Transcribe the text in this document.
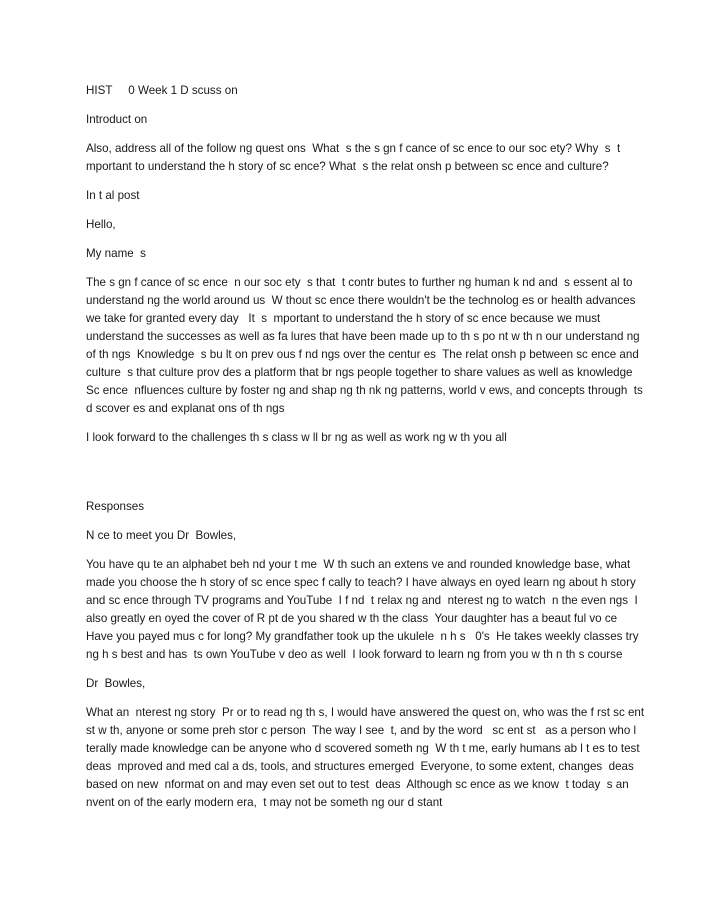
HIST     0 Week 1 D scuss on

Introduct on

Also, address all of the follow ng quest ons  What  s the s gn f cance of sc ence to our soc ety? Why  s  t  mportant to understand the h story of sc ence? What  s the relat onsh p between sc ence and culture?

In t al post

Hello,

My name  s

The s gn f cance of sc ence  n our soc ety  s that  t contr butes to further ng human k nd and  s essent al to understand ng the world around us  W thout sc ence there wouldn't be the technolog es or health advances we take for granted every day   It  s  mportant to understand the h story of sc ence because we must understand the successes as well as fa lures that have been made up to th s po nt w th n our understand ng of th ngs  Knowledge  s bu lt on prev ous f nd ngs over the centur es  The relat onsh p between sc ence and culture  s that culture prov des a platform that br ngs people together to share values as well as knowledge  Sc ence  nfluences culture by foster ng and shap ng th nk ng patterns, world v ews, and concepts through  ts d scover es and explanat ons of th ngs

I look forward to the challenges th s class w ll br ng as well as work ng w th you all

Responses

N ce to meet you Dr  Bowles,

You have qu te an alphabet beh nd your t me  W th such an extens ve and rounded knowledge base, what made you choose the h story of sc ence spec f cally to teach? I have always en oyed learn ng about h story and sc ence through TV programs and YouTube  I f nd  t relax ng and  nterest ng to watch  n the even ngs  I also greatly en oyed the cover of R pt de you shared w th the class  Your daughter has a beaut ful vo ce  Have you payed mus c for long? My grandfather took up the ukulele  n h s   0's  He takes weekly classes try ng h s best and has  ts own YouTube v deo as well  I look forward to learn ng from you w th n th s course

Dr  Bowles,

What an  nterest ng story  Pr or to read ng th s, I would have answered the quest on, who was the f rst sc ent st w th, anyone or some preh stor c person  The way I see  t, and by the word   sc ent st   as a person who l terally made knowledge can be anyone who d scovered someth ng  W th t me, early humans ab l t es to test  deas  mproved and med cal a ds, tools, and structures emerged  Everyone, to some extent, changes  deas based on new  nformat on and may even set out to test  deas  Although sc ence as we know  t today  s an  nvent on of the early modern era,  t may not be someth ng our d stant
